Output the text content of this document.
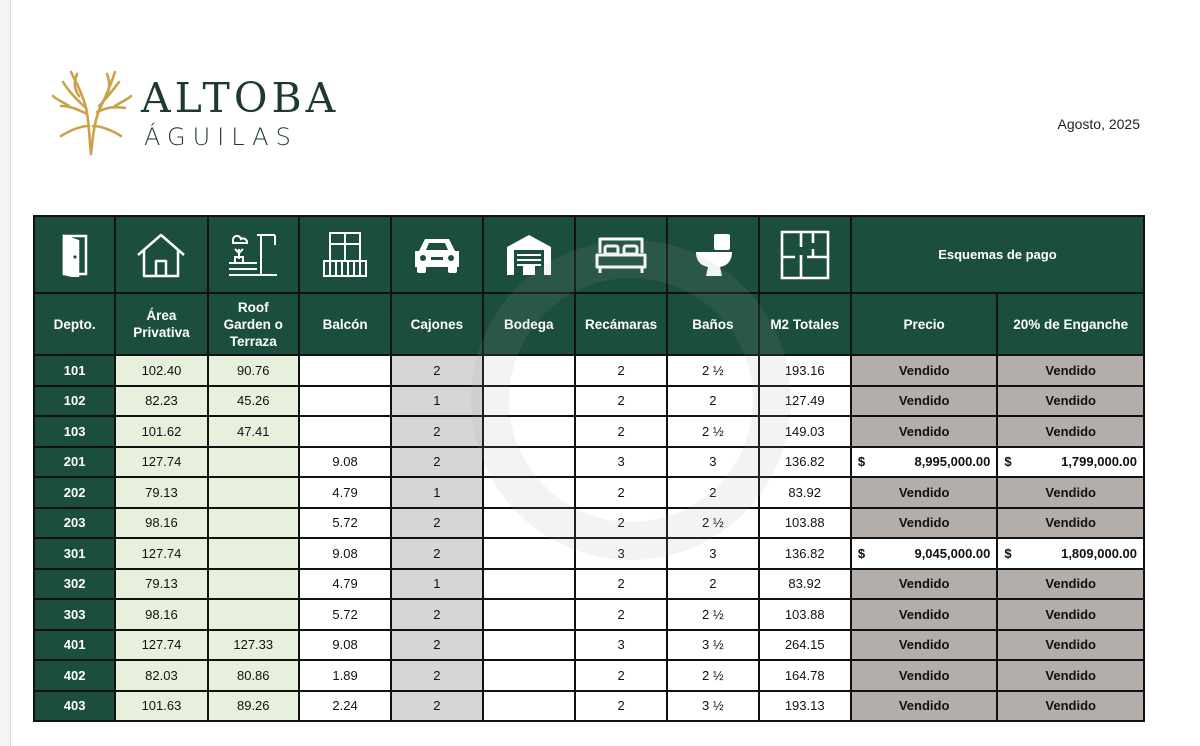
ALTOBA
ÁGUILAS	Agosto, 2025

	Esquemas de pago	
Depto.	Área Privativa	Roof Garden o Terraza	Balcón	Cajones	Bodega	Recámaras	Baños	M2 Totales	Precio	20% de Enganche
101	102.40	90.76		2		2	2 ½	193.16	Vendido	Vendido
102	82.23	45.26		1		2	2	127.49	Vendido	Vendido
103	101.62	47.41		2		2	2 ½	149.03	Vendido	Vendido
201	127.74		9.08	2		3	3	136.82	$ 8,995,000.00	$ 1,799,000.00

202	79.13		4.79	1		2	2	83.92	Vendido	Vendido
203	98.16		5.72	2		2	2 ½	103.88	Vendido	Vendido
301	127.74		9.08	2		3	3	136.82	$ 9,045,000.00	$ 1,809,000.00

302	79.13		4.79	1		2	2	83.92	Vendido	Vendido
303	98.16		5.72	2		2	2 ½	103.88	Vendido	Vendido
401	127.74	127.33	9.08	2		3	3 ½	264.15	Vendido	Vendido
402	82.03	80.86	1.89	2		2	2 ½	164.78	Vendido	Vendido
403	101.63	89.26	2.24	2		2	3 ½	193.13	Vendido	Vendido
